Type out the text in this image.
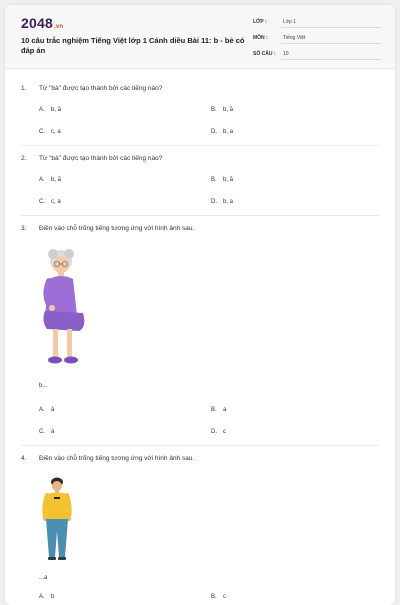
2048.vn
10 câu trắc nghiệm Tiếng Việt lớp 1 Cánh diều Bài 11: b - bẻ có đáp án
LỚP :	Lớp 1
MÔN :	Tiếng Việt
SỐ CÂU : 10
1. Từ "bà" được tạo thành bởi các tiếng nào?
A. b, ă	B. b, ă
C. c, a	D. b, a
2. Từ "bà" được tạo thành bởi các tiếng nào?
A. b, ă	B. b, ă
C. c, a	D. b, a
3. Điền vào chỗ trống tiếng tương ứng với hình ảnh sau.
b...
A. à	B. a
C. á	D. c
4. Điền vào chỗ trống tiếng tương ứng với hình ảnh sau.
...a
A. b	B. c
